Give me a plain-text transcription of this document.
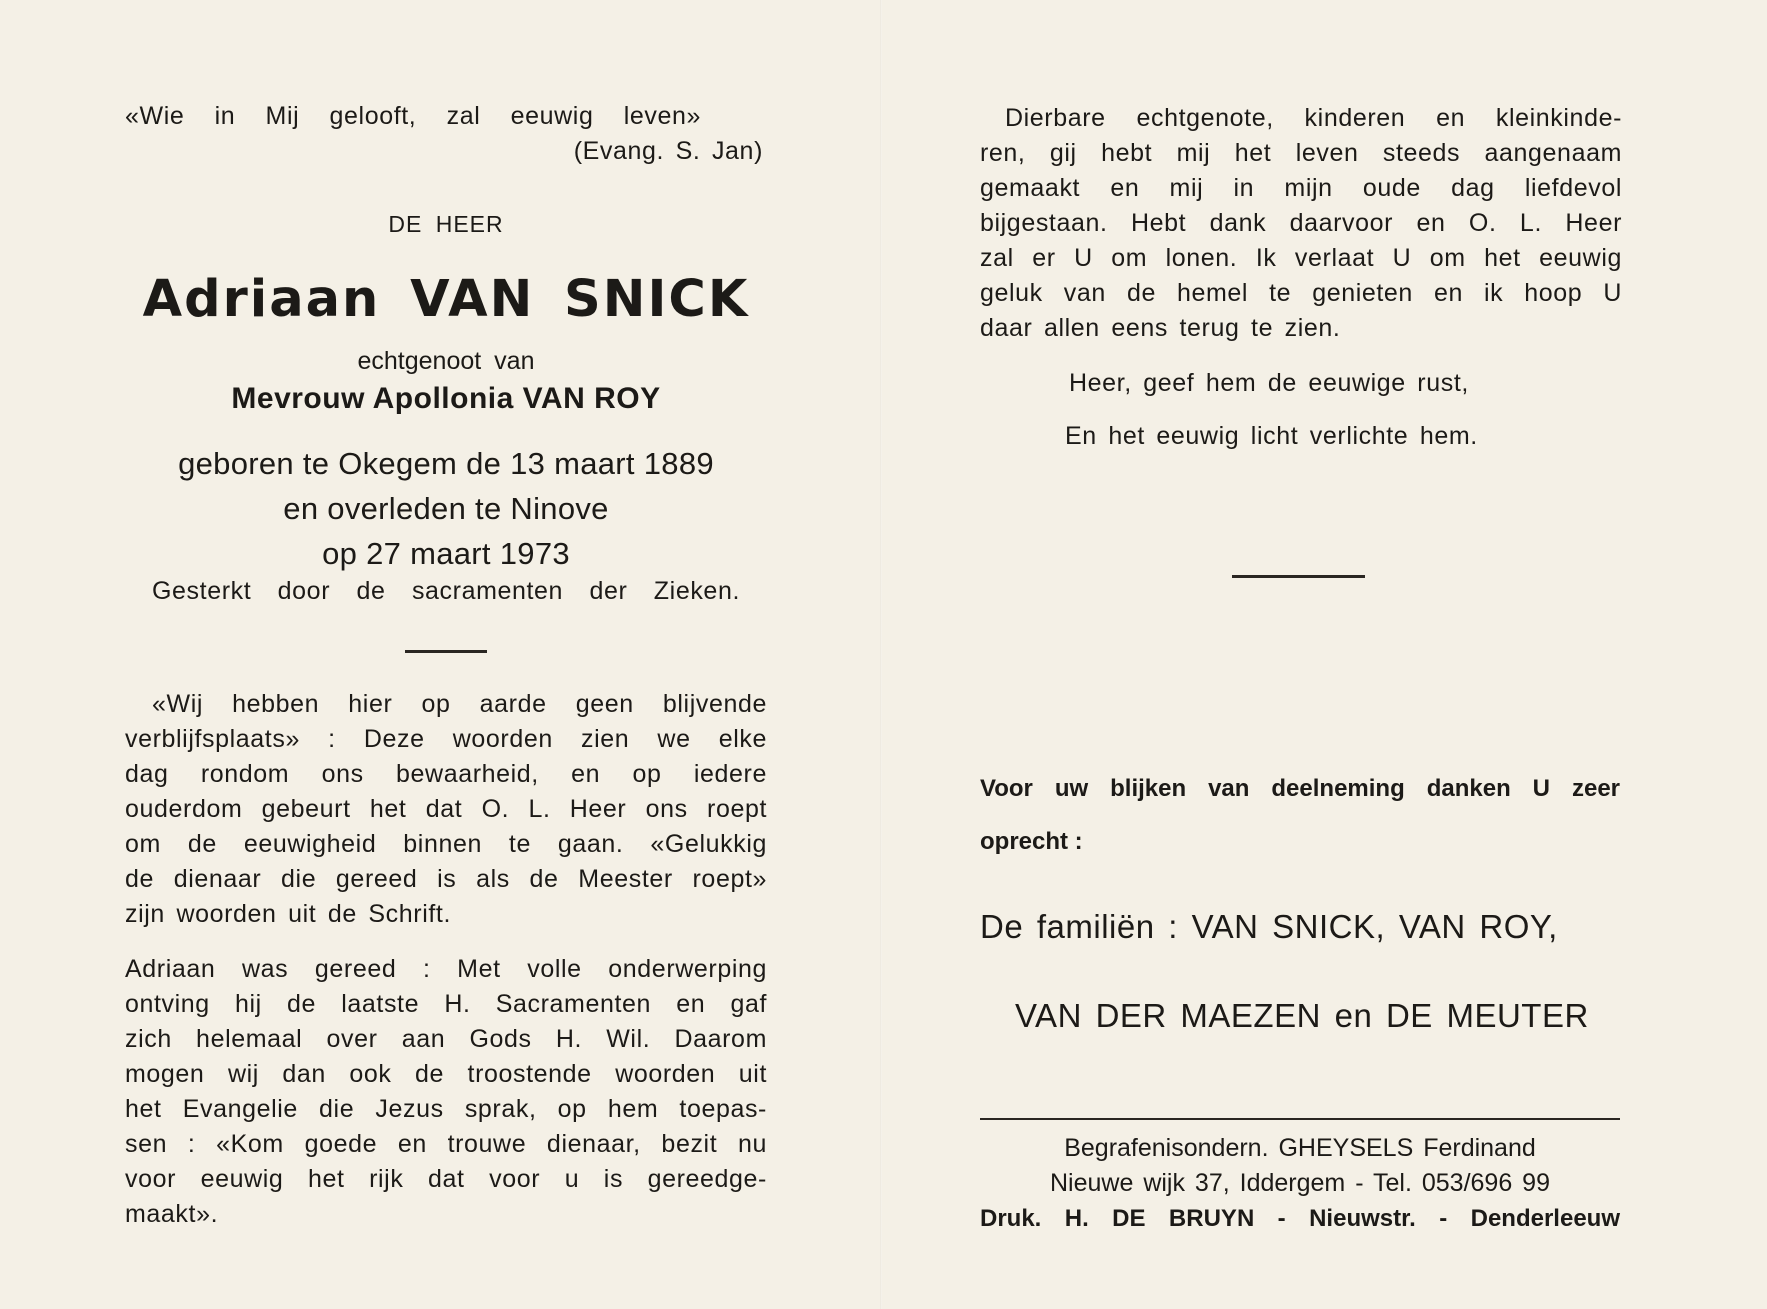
«Wie in Mij gelooft, zal eeuwig leven»

(Evang. S. Jan)

DE HEER

Adriaan VAN SNICK

echtgenoot van

Mevrouw Apollonia VAN ROY

geboren te Okegem de 13 maart 1889

en overleden te Ninove

op 27 maart 1973

Gesterkt door de sacramenten der Zieken.

«Wij hebben hier op aarde geen blijvende

verblijfsplaats» : Deze woorden zien we elke

dag rondom ons bewaarheid, en op iedere

ouderdom gebeurt het dat O. L. Heer ons roept

om de eeuwigheid binnen te gaan. «Gelukkig

de dienaar die gereed is als de Meester roept»

zijn woorden uit de Schrift.

Adriaan was gereed : Met volle onderwerping

ontving hij de laatste H. Sacramenten en gaf

zich helemaal over aan Gods H. Wil. Daarom

mogen wij dan ook de troostende woorden uit

het Evangelie die Jezus sprak, op hem toepas-

sen : «Kom goede en trouwe dienaar, bezit nu

voor eeuwig het rijk dat voor u is gereedge-

maakt».

Dierbare echtgenote, kinderen en kleinkinde-

ren, gij hebt mij het leven steeds aangenaam

gemaakt en mij in mijn oude dag liefdevol

bijgestaan. Hebt dank daarvoor en O. L. Heer

zal er U om lonen. Ik verlaat U om het eeuwig

geluk van de hemel te genieten en ik hoop U

daar allen eens terug te zien.

Heer, geef hem de eeuwige rust,

En het eeuwig licht verlichte hem.

Voor uw blijken van deelneming danken U zeer

oprecht :

De familiën : VAN SNICK, VAN ROY,

VAN DER MAEZEN en DE MEUTER

Begrafenisondern. GHEYSELS Ferdinand

Nieuwe wijk 37, Iddergem - Tel. 053/696 99

Druk. H. DE BRUYN - Nieuwstr. - Denderleeuw
